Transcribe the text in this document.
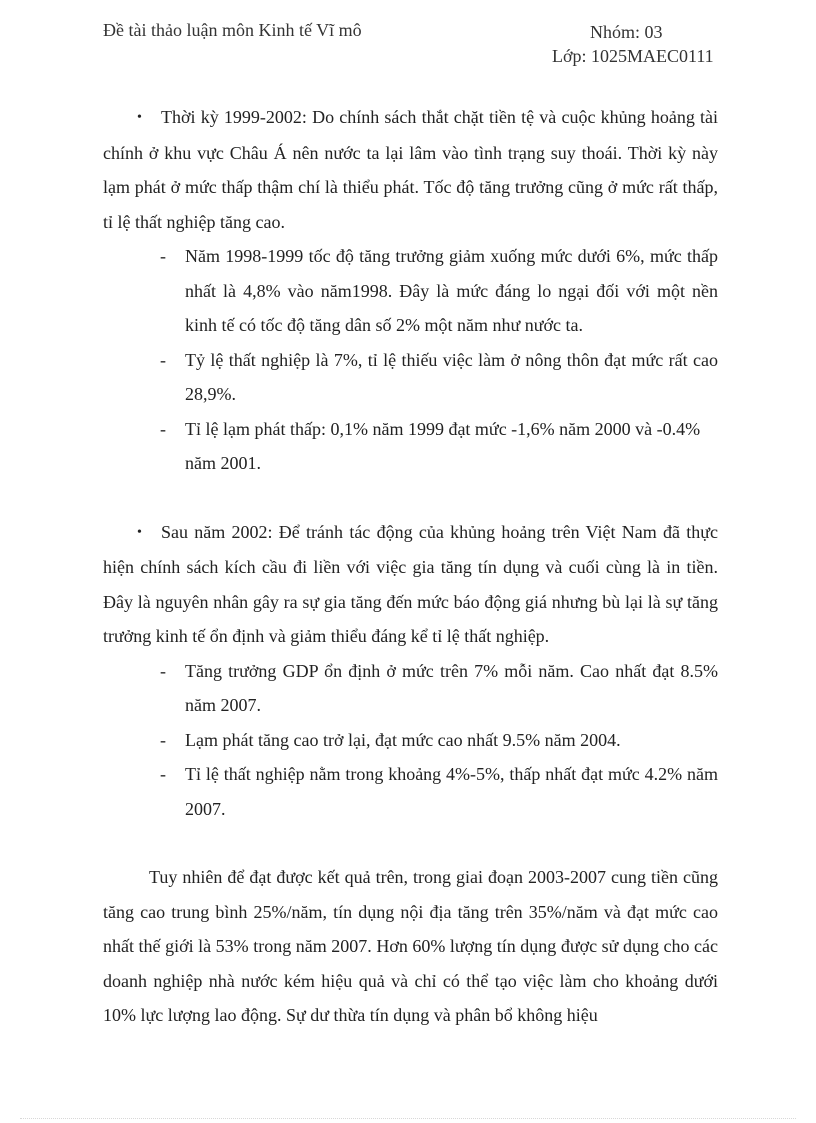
Đề tài thảo luận môn Kinh tế Vĩ mô	Nhóm: 03
Lớp: 1025MAEC0111

• Thời kỳ 1999-2002: Do chính sách thắt chặt tiền tệ và cuộc khủng hoảng tài chính ở khu vực Châu Á nên nước ta lại lâm vào tình trạng suy thoái. Thời kỳ này lạm phát ở mức thấp thậm chí là thiểu phát. Tốc độ tăng trưởng cũng ở mức rất thấp, tỉ lệ thất nghiệp tăng cao.

- Năm 1998-1999 tốc độ tăng trưởng giảm xuống mức dưới 6%, mức thấp nhất là 4,8% vào năm1998. Đây là mức đáng lo ngại đối với một nền kinh tế có tốc độ tăng dân số 2% một năm như nước ta.
- Tỷ lệ thất nghiệp là 7%, tỉ lệ thiếu việc làm ở nông thôn đạt mức rất cao 28,9%.
- Tỉ lệ lạm phát thấp: 0,1% năm 1999 đạt mức -1,6% năm 2000 và -0.4% năm 2001.

• Sau năm 2002: Để tránh tác động của khủng hoảng trên Việt Nam đã thực hiện chính sách kích cầu đi liền với việc gia tăng tín dụng và cuối cùng là in tiền. Đây là nguyên nhân gây ra sự gia tăng đến mức báo động giá nhưng bù lại là sự tăng trưởng kinh tế ổn định và giảm thiểu đáng kể tỉ lệ thất nghiệp.

- Tăng trưởng GDP ổn định ở mức trên 7% mỗi năm. Cao nhất đạt 8.5% năm 2007.
- Lạm phát tăng cao trở lại, đạt mức cao nhất 9.5% năm 2004.
- Tỉ lệ thất nghiệp nằm trong khoảng 4%-5%, thấp nhất đạt mức 4.2% năm 2007.

Tuy nhiên để đạt được kết quả trên, trong giai đoạn 2003-2007 cung tiền cũng tăng cao trung bình 25%/năm, tín dụng nội địa tăng trên 35%/năm và đạt mức cao nhất thế giới là 53% trong năm 2007. Hơn 60% lượng tín dụng được sử dụng cho các doanh nghiệp nhà nước kém hiệu quả và chỉ có thể tạo việc làm cho khoảng dưới 10% lực lượng lao động. Sự dư thừa tín dụng và phân bổ không hiệu
